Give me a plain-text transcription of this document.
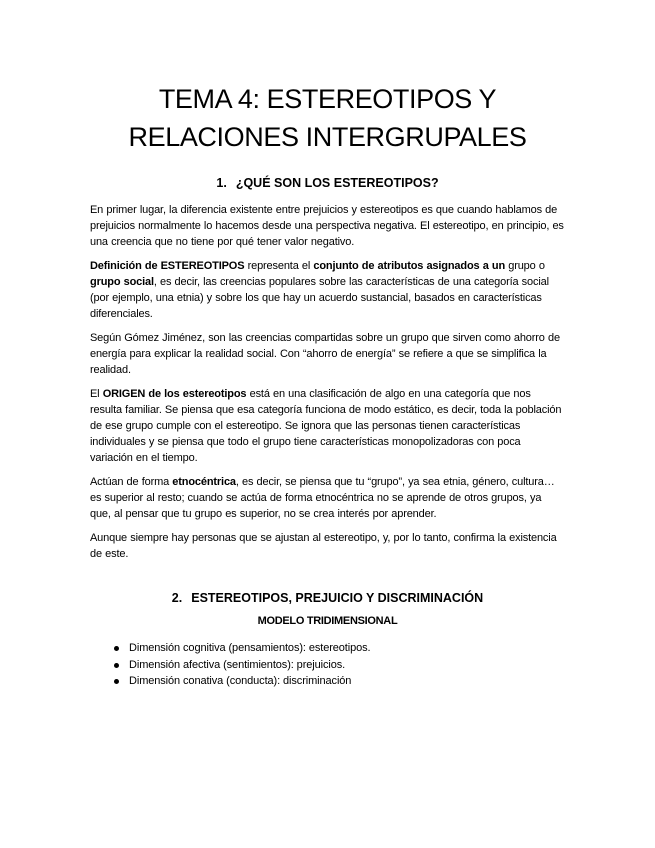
TEMA 4: ESTEREOTIPOS Y RELACIONES INTERGRUPALES
1. ¿QUÉ SON LOS ESTEREOTIPOS?

En primer lugar, la diferencia existente entre prejuicios y estereotipos es que cuando hablamos de prejuicios normalmente lo hacemos desde una perspectiva negativa. El estereotipo, en principio, es una creencia que no tiene por qué tener valor negativo.

Definición de ESTEREOTIPOS representa el conjunto de atributos asignados a un grupo o grupo social, es decir, las creencias populares sobre las características de una categoría social (por ejemplo, una etnia) y sobre los que hay un acuerdo sustancial, basados en características diferenciales.

Según Gómez Jiménez, son las creencias compartidas sobre un grupo que sirven como ahorro de energía para explicar la realidad social. Con “ahorro de energía” se refiere a que se simplifica la realidad.

El ORIGEN de los estereotipos está en una clasificación de algo en una categoría que nos resulta familiar. Se piensa que esa categoría funciona de modo estático, es decir, toda la población de ese grupo cumple con el estereotipo. Se ignora que las personas tienen características individuales y se piensa que todo el grupo tiene características monopolizadoras con poca variación en el tiempo.

Actúan de forma etnocéntrica, es decir, se piensa que tu “grupo”, ya sea etnia, género, cultura… es superior al resto; cuando se actúa de forma etnocéntrica no se aprende de otros grupos, ya que, al pensar que tu grupo es superior, no se crea interés por aprender.

Aunque siempre hay personas que se ajustan al estereotipo, y, por lo tanto, confirma la existencia de este.

2. ESTEREOTIPOS, PREJUICIO Y DISCRIMINACIÓN
MODELO TRIDIMENSIONAL
Dimensión cognitiva (pensamientos): estereotipos.
Dimensión afectiva (sentimientos): prejuicios.
Dimensión conativa (conducta): discriminación
